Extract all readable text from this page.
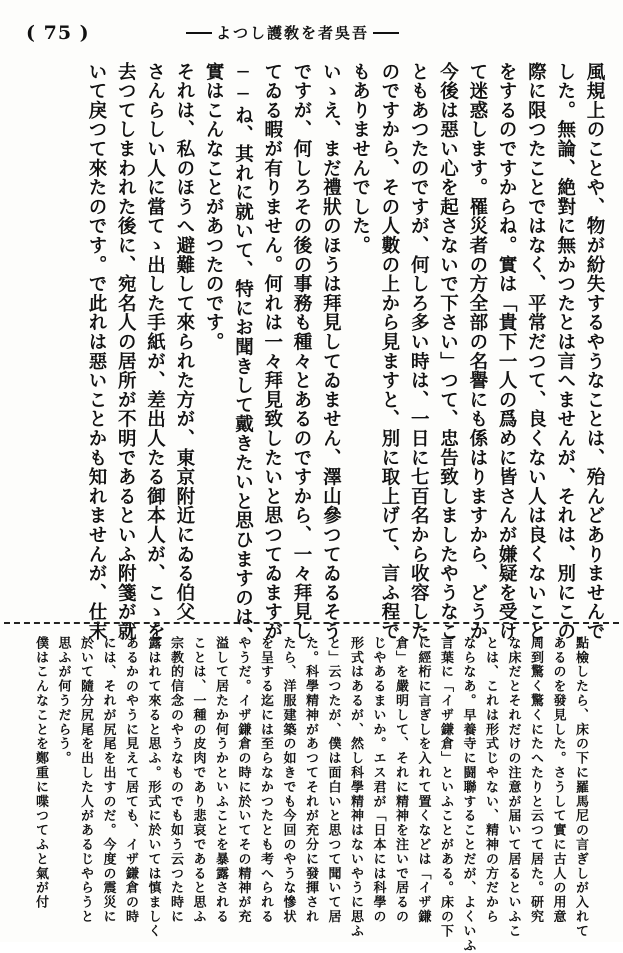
( 75 )	よつし護敎を者吳吾

風規上のことや、物が紛失するやうなことは、殆んどありませんで

した。無論、絶對に無かつたとは言へませんが、それは、別にこの

際に限つたことではなく、平常だつて、良くない人は良くないこと

をするのですからね。實は「貴下一人の爲めに皆さんが嫌疑を受け

て迷惑します。罹災者の方全部の名譽にも係はりますから、どうか

今後は惡い心を起さないで下さい」つて、忠告致しましたやうなこ

ともあつたのですが、何しろ多い時は、一日に七百名から收容した

のですから、その人數の上から見ますと、別に取上げて、言ふ程で

もありませんでした。

いゝえ、まだ禮狀のほうは拜見してゐません、澤山參つてゐるそう

ですが、何しろその後の事務も種々とあるのですから、一々拜見し

てゐる暇が有りません。何れは一々拜見致したいと思つてゐますが

──ね、其れに就いて、特にお聞きして戴きたいと思ひますのは、

實はこんなことがあつたのです。

それは、私のほうへ避難して來られた方が、東京附近にゐる伯父

さんらしい人に當てゝ出した手紙が、差出人たる御本人が、こゝを

去つてしまわれた後に、宛名人の居所が不明であるといふ附箋が就

いて戾つて來たのです。で此れは惡いことかも知れませんが、仕末

點檢したら、床の下に羅馬尼の言ぎしが入れて

あるのを發見した。さうして實に古人の用意

周到驚く驚くにたへたりと云つて居た。研究

な床だとそれだけの注意が届いて居るといふこ

とは、これは形式じやない、精神の方だから

ならなあ。早養寺に闘聯することだが、よくいふ

言葉に「イザ鎌倉」といふことがある。床の下

に經桁に言ぎしを入れて置くなどは「イザ鎌

倉」を嚴明して、それに精神を注いで居るの

じやあるまいか。エス君が「日本には科學の

形式はあるが、然し科學精神はないやうに思ふ

と」云つたが、僕は面白いと思つて聞いて居

た。科學精神があつてそれが充分に發揮され

たら、洋服建築の如きでも今回のやうな慘状

を呈する迄には至らなかつたとも考へられる

やうだ。イザ鎌倉の時に於いてその精神が充

溢して居たか何うかといふことを暴露される

ことは、一種の皮肉であり悲哀であると思ふ

宗教的信念のやうなものでも如う云つた時に

露はれて來ると思ふ。形式に於いては慎ましく

あるかのやうに見えて居ても、イザ鎌倉の時

には、それが尻尾を出すのだ。今度の震災に

於いて隨分尻尾を出した人があるじやらうと

思ふが何うだらう。

僕はこんなことを鄭重に喋つてふと氣が付
